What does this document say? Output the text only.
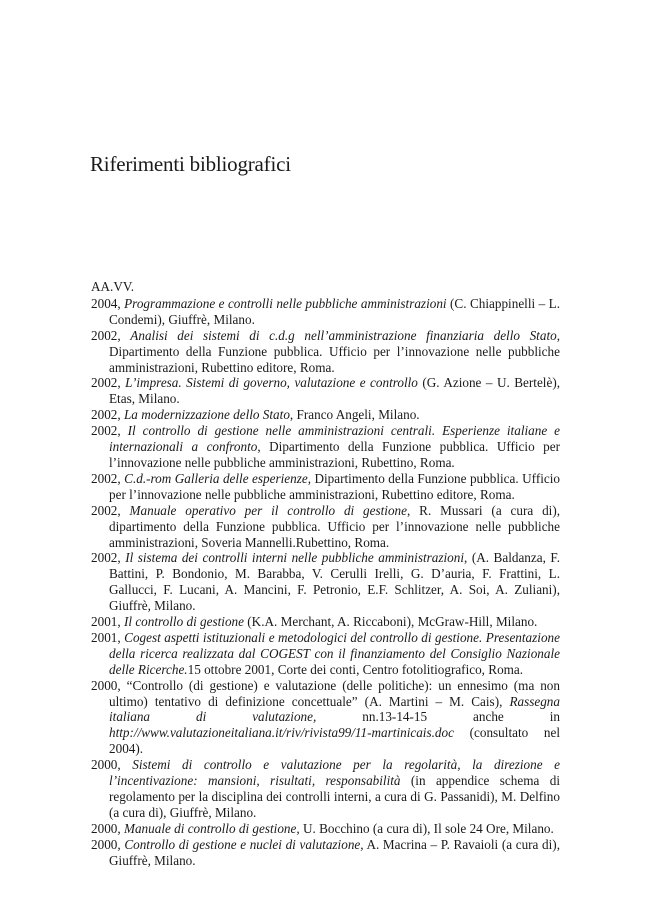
Riferimenti bibliografici

AA.VV.

2004, Programmazione e controlli nelle pubbliche amministrazioni (C. Chiappinelli – L. Condemi), Giuffrè, Milano.

2002, Analisi dei sistemi di c.d.g nell’amministrazione finanziaria dello Stato, Dipartimento della Funzione pubblica. Ufficio per l’innovazione nelle pubbliche amministrazioni, Rubettino editore, Roma.

2002, L’impresa. Sistemi di governo, valutazione e controllo (G. Azione – U. Bertelè), Etas, Milano.

2002, La modernizzazione dello Stato, Franco Angeli, Milano.

2002, Il controllo di gestione nelle amministrazioni centrali. Esperienze italiane e internazionali a confronto, Dipartimento della Funzione pubblica. Ufficio per l’innovazione nelle pubbliche amministrazioni, Rubettino, Roma.

2002, C.d.-rom Galleria delle esperienze, Dipartimento della Funzione pubblica. Ufficio per l’innovazione nelle pubbliche amministrazioni, Rubettino editore, Roma.

2002, Manuale operativo per il controllo di gestione, R. Mussari (a cura di), dipartimento della Funzione pubblica. Ufficio per l’innovazione nelle pubbliche amministrazioni, Soveria Mannelli.Rubettino, Roma.

2002, Il sistema dei controlli interni nelle pubbliche amministrazioni, (A. Baldanza, F. Battini, P. Bondonio, M. Barabba, V. Cerulli Irelli, G. D’auria, F. Frattini, L. Gallucci, F. Lucani, A. Mancini, F. Petronio, E.F. Schlitzer, A. Soi, A. Zuliani), Giuffrè, Milano.

2001, Il controllo di gestione (K.A. Merchant, A. Riccaboni), McGraw-Hill, Milano.

2001, Cogest aspetti istituzionali e metodologici del controllo di gestione. Presentazione della ricerca realizzata dal COGEST con il finanziamento del Consiglio Nazionale delle Ricerche.15 ottobre 2001, Corte dei conti, Centro fotolitiografico, Roma.

2000, “Controllo (di gestione) e valutazione (delle politiche): un ennesimo (ma non ultimo) tentativo di definizione concettuale” (A. Martini – M. Cais), Rassegna italiana di valutazione, nn.13-14-15 anche in http://www.valutazioneitaliana.it/riv/rivista99/11-martinicais.doc (consultato nel 2004).

2000, Sistemi di controllo e valutazione per la regolarità, la direzione e l’incentivazione: mansioni, risultati, responsabilità (in appendice schema di regolamento per la disciplina dei controlli interni, a cura di G. Passanidi), M. Delfino (a cura di), Giuffrè, Milano.

2000, Manuale di controllo di gestione, U. Bocchino (a cura di), Il sole 24 Ore, Milano.

2000, Controllo di gestione e nuclei di valutazione, A. Macrina – P. Ravaioli (a cura di), Giuffrè, Milano.
